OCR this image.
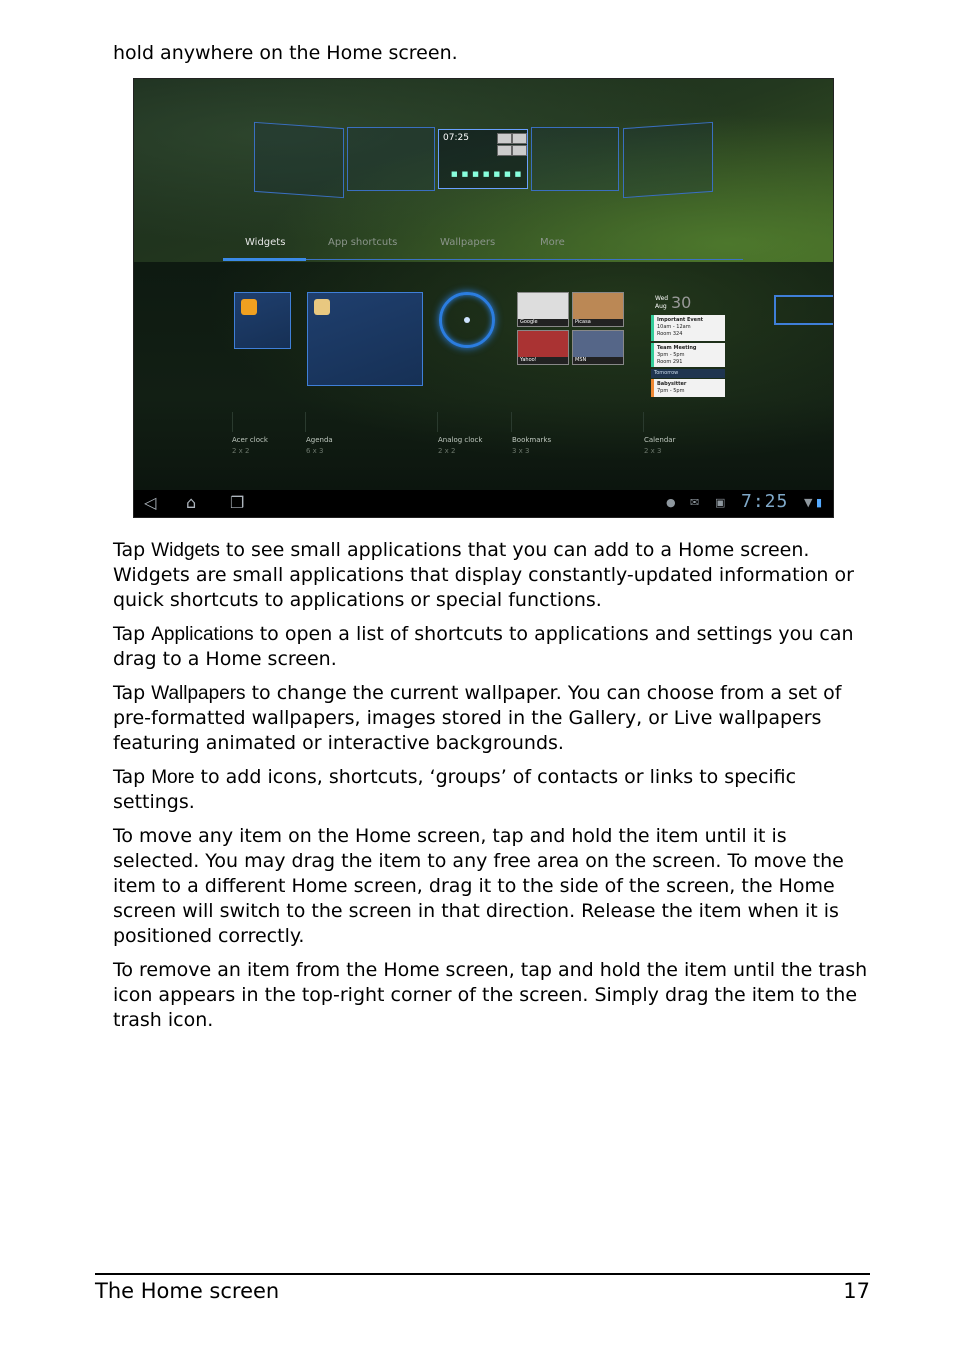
hold anywhere on the Home screen.
07:25
■■■■■■■
Widgets	App shortcuts	Wallpapers	More
Google	Picasa
Yahoo!	MSN
Wed
Aug 30
Important Event
10am - 12am
Room 324
Team Meeting
3pm - 5pm
Room 291
Tomorrow
Babysitter
7pm - 5pm
Acer clock
2 x 2
Agenda
6 x 3
Analog clock
2 x 2
Bookmarks
3 x 3
Calendar
2 x 3
◁ ⌂ ❐	● ✉ ▣ 7:25 ▼ ▮
Tap Widgets to see small applications that you can add to a Home screen. Widgets are small applications that display constantly-updated information or quick shortcuts to applications or special functions.
Tap Applications to open a list of shortcuts to applications and settings you can drag to a Home screen.
Tap Wallpapers to change the current wallpaper. You can choose from a set of pre-formatted wallpapers, images stored in the Gallery, or Live wallpapers featuring animated or interactive backgrounds.
Tap More to add icons, shortcuts, ‘groups’ of contacts or links to specific settings.
To move any item on the Home screen, tap and hold the item until it is selected. You may drag the item to any free area on the screen. To move the item to a different Home screen, drag it to the side of the screen, the Home screen will switch to the screen in that direction. Release the item when it is positioned correctly.
To remove an item from the Home screen, tap and hold the item until the trash icon appears in the top-right corner of the screen. Simply drag the item to the trash icon.
The Home screen	17
